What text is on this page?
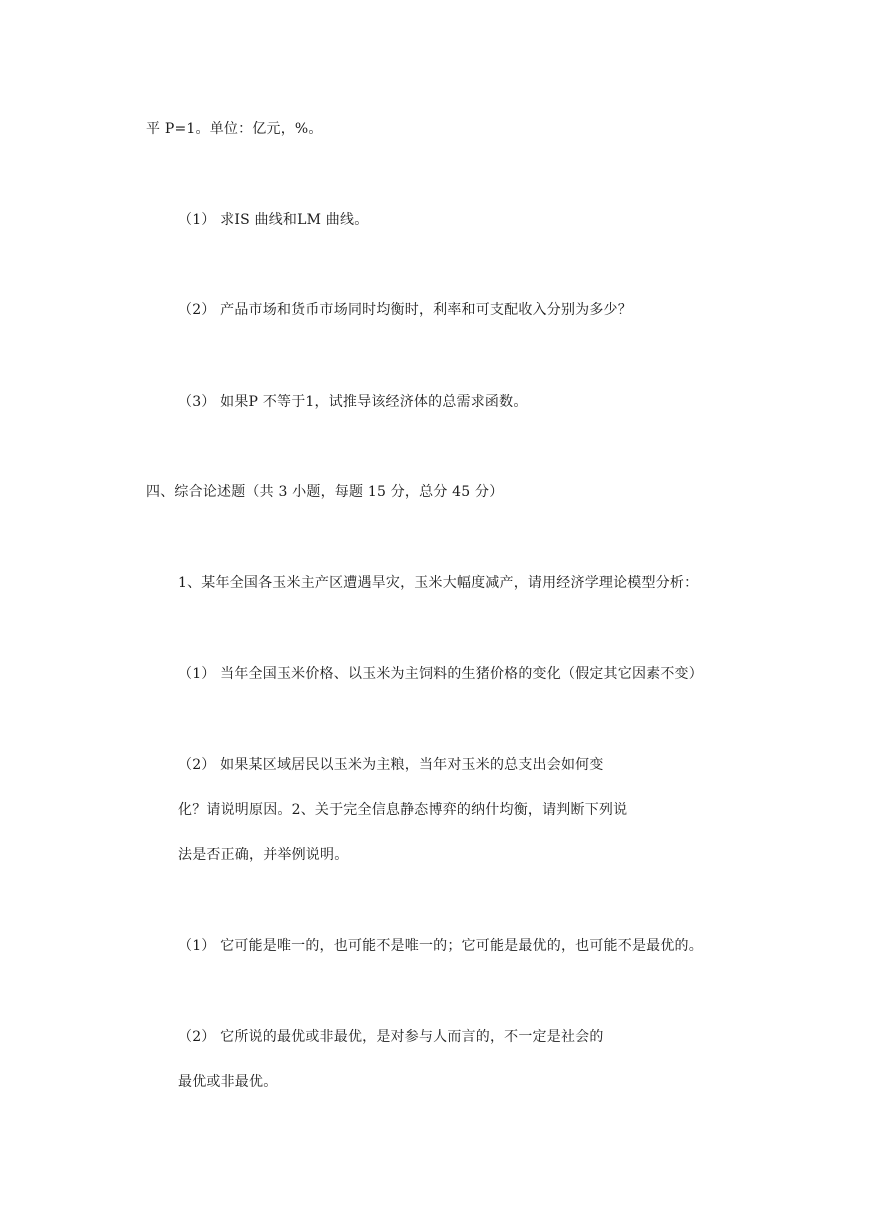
平 P=1。单位：亿元，%。
（1） 求IS 曲线和LM 曲线。
（2） 产品市场和货币市场同时均衡时，利率和可支配收入分别为多少？
（3） 如果P 不等于1，试推导该经济体的总需求函数。
四、综合论述题（共 3 小题，每题 15 分，总分 45 分）
1、某年全国各玉米主产区遭遇旱灾，玉米大幅度减产，请用经济学理论模型分析：
（1） 当年全国玉米价格、以玉米为主饲料的生猪价格的变化（假定其它因素不变）
（2） 如果某区域居民以玉米为主粮，当年对玉米的总支出会如何变
化？请说明原因。2、关于完全信息静态博弈的纳什均衡，请判断下列说
法是否正确，并举例说明。
（1） 它可能是唯一的，也可能不是唯一的；它可能是最优的，也可能不是最优的。
（2） 它所说的最优或非最优，是对参与人而言的，不一定是社会的
最优或非最优。
